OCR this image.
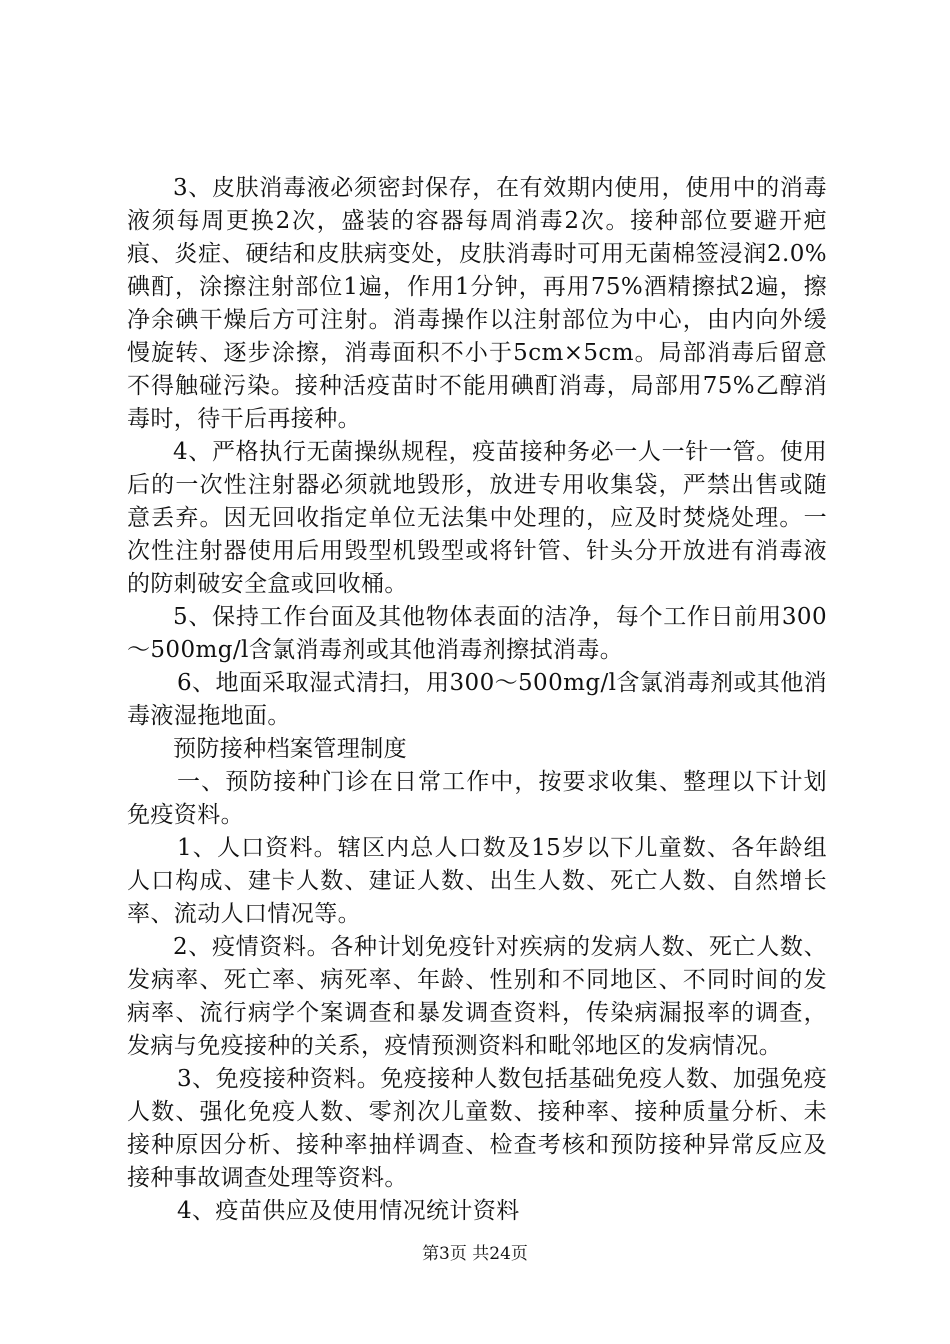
3、皮肤消毒液必须密封保存，在有效期内使用，使用中的消毒液须每周更换2次，盛装的容器每周消毒2次。接种部位要避开疤痕、炎症、硬结和皮肤病变处，皮肤消毒时可用无菌棉签浸润2.0%碘酊，涂擦注射部位1遍，作用1分钟，再用75%酒精擦拭2遍，擦净余碘干燥后方可注射。消毒操作以注射部位为中心，由内向外缓慢旋转、逐步涂擦，消毒面积不小于5cm×5cm。局部消毒后留意不得触碰污染。接种活疫苗时不能用碘酊消毒，局部用75%乙醇消毒时，待干后再接种。

4、严格执行无菌操纵规程，疫苗接种务必一人一针一管。使用后的一次性注射器必须就地毁形，放进专用收集袋，严禁出售或随意丢弃。因无回收指定单位无法集中处理的，应及时焚烧处理。一次性注射器使用后用毁型机毁型或将针管、针头分开放进有消毒液的防刺破安全盒或回收桶。

5、保持工作台面及其他物体表面的洁净，每个工作日前用300～500mg/l含氯消毒剂或其他消毒剂擦拭消毒。

6、地面采取湿式清扫，用300～500mg/l含氯消毒剂或其他消毒液湿拖地面。

预防接种档案管理制度

一、预防接种门诊在日常工作中，按要求收集、整理以下计划免疫资料。

1、人口资料。辖区内总人口数及15岁以下儿童数、各年龄组人口构成、建卡人数、建证人数、出生人数、死亡人数、自然增长率、流动人口情况等。

2、疫情资料。各种计划免疫针对疾病的发病人数、死亡人数、发病率、死亡率、病死率、年龄、性别和不同地区、不同时间的发病率、流行病学个案调查和暴发调查资料，传染病漏报率的调查，发病与免疫接种的关系，疫情预测资料和毗邻地区的发病情况。

3、免疫接种资料。免疫接种人数包括基础免疫人数、加强免疫人数、强化免疫人数、零剂次儿童数、接种率、接种质量分析、未接种原因分析、接种率抽样调查、检查考核和预防接种异常反应及接种事故调查处理等资料。

4、疫苗供应及使用情况统计资料

第3页 共24页
